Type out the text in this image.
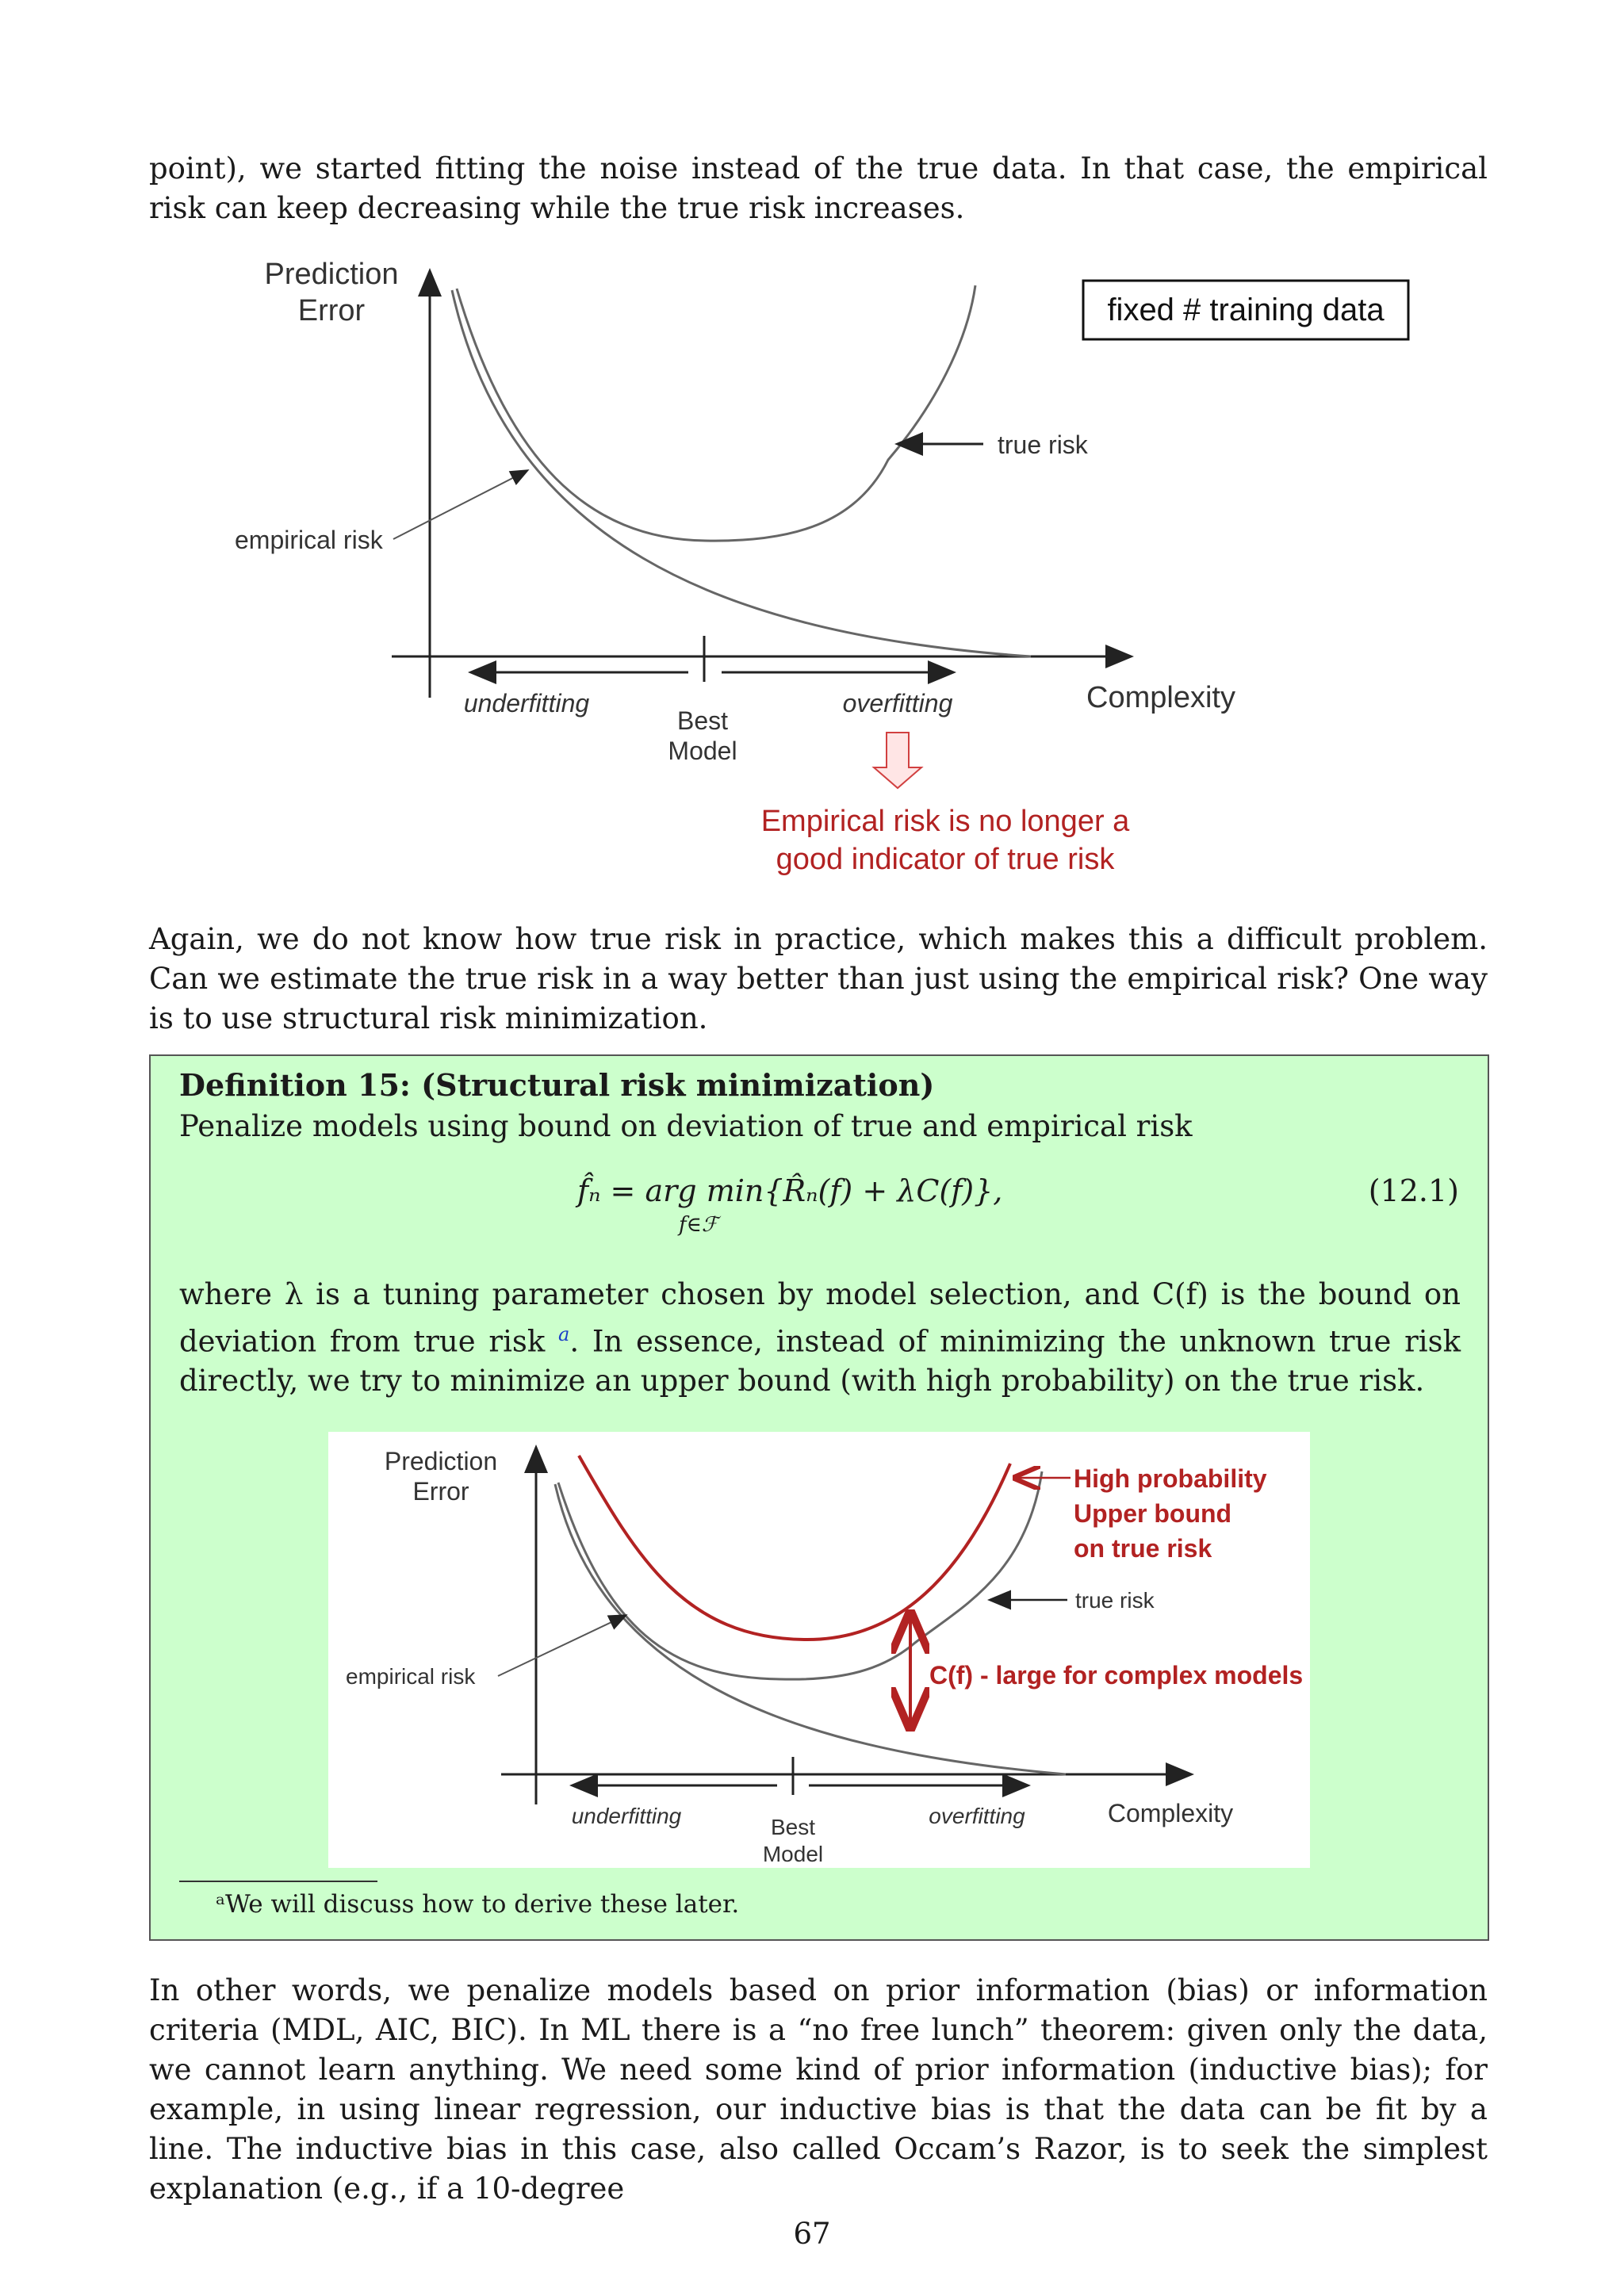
point), we started fitting the noise instead of the true data. In that case, the empirical risk can keep decreasing while the true risk increases.

Prediction
Error	fixed # training data
true risk
empirical risk
underfitting	overfitting
Best
Model
Complexity
Empirical risk is no longer a
good indicator of true risk

Again, we do not know how true risk in practice, which makes this a difficult problem. Can we estimate the true risk in a way better than just using the empirical risk? One way is to use structural risk minimization.

Definition 15: (Structural risk minimization)

Penalize models using bound on deviation of true and empirical risk

f̂ₙ = arg min{R̂ₙ(f) + λC(f)},
f∈ℱ
(12.1)

where λ is a tuning parameter chosen by model selection, and C(f) is the bound on deviation from true risk $^a$. In essence, instead of minimizing the unknown true risk directly, we try to minimize an upper bound (with high probability) on the true risk.

Prediction
Error	High probability
Upper bound
on true risk
true risk
empirical risk	C(f) - large for complex models
underfitting	overfitting
Best
Model
Complexity
ᵃWe will discuss how to derive these later.

In other words, we penalize models based on prior information (bias) or information criteria (MDL, AIC, BIC). In ML there is a “no free lunch” theorem: given only the data, we cannot learn anything. We need some kind of prior information (inductive bias); for example, in using linear regression, our inductive bias is that the data can be fit by a line. The inductive bias in this case, also called Occam’s Razor, is to seek the simplest explanation (e.g., if a 10-degree

67
